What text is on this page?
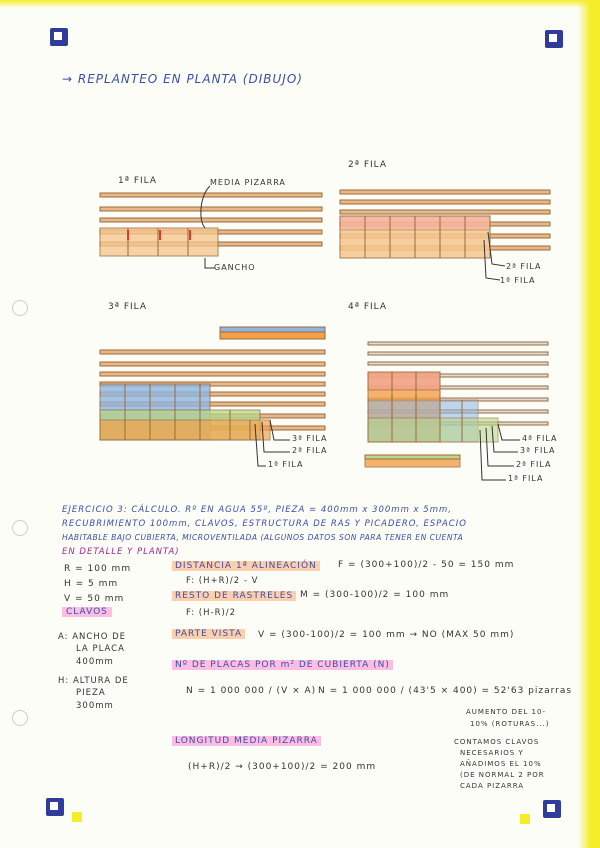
→ REPLANTEO EN PLANTA (DIBUJO)
1ª FILA	MEDIA PIZARRA
GANCHO
2ª FILA
2ª FILA
1ª FILA
3ª FILA	4ª FILA
3ª FILA
2ª FILA
1ª FILA
4ª FILA
3ª FILA
2ª FILA
1ª FILA
EJERCICIO 3: CÁLCULO. Rº EN AGUA 55º, PIEZA = 400mm x 300mm x 5mm,
RECUBRIMIENTO 100mm, CLAVOS, ESTRUCTURA DE RAS Y PICADERO, ESPACIO
HABITABLE BAJO CUBIERTA, MICROVENTILADA (ALGUNOS DATOS SON PARA TENER EN CUENTA
EN DETALLE Y PLANTA)
R = 100 mm
H = 5 mm
V = 50 mm
CLAVOS
A: ANCHO DE
LA PLACA
400mm
H: ALTURA DE
PIEZA
300mm
DISTANCIA 1ª ALINEACIÓN
F: (H+R)/2 - V
F = (300+100)/2 - 50 = 150 mm
RESTO DE RASTRELES
F: (H-R)/2
M = (300-100)/2 = 100 mm
PARTE VISTA	V = (300-100)/2 = 100 mm → NO (MAX 50 mm)
Nº DE PLACAS POR m² DE CUBIERTA (N)
N = 1 000 000 / (V × A) N = 1 000 000 / (43'5 × 400) = 52'63 pizarras
AUMENTO DEL 10-
10% (ROTURAS...)
CONTAMOS CLAVOS
NECESARIOS Y
AÑADIMOS EL 10%
(DE NORMAL 2 POR
CADA PIZARRA
LONGITUD MEDIA PIZARRA
(H+R)/2 → (300+100)/2 = 200 mm
